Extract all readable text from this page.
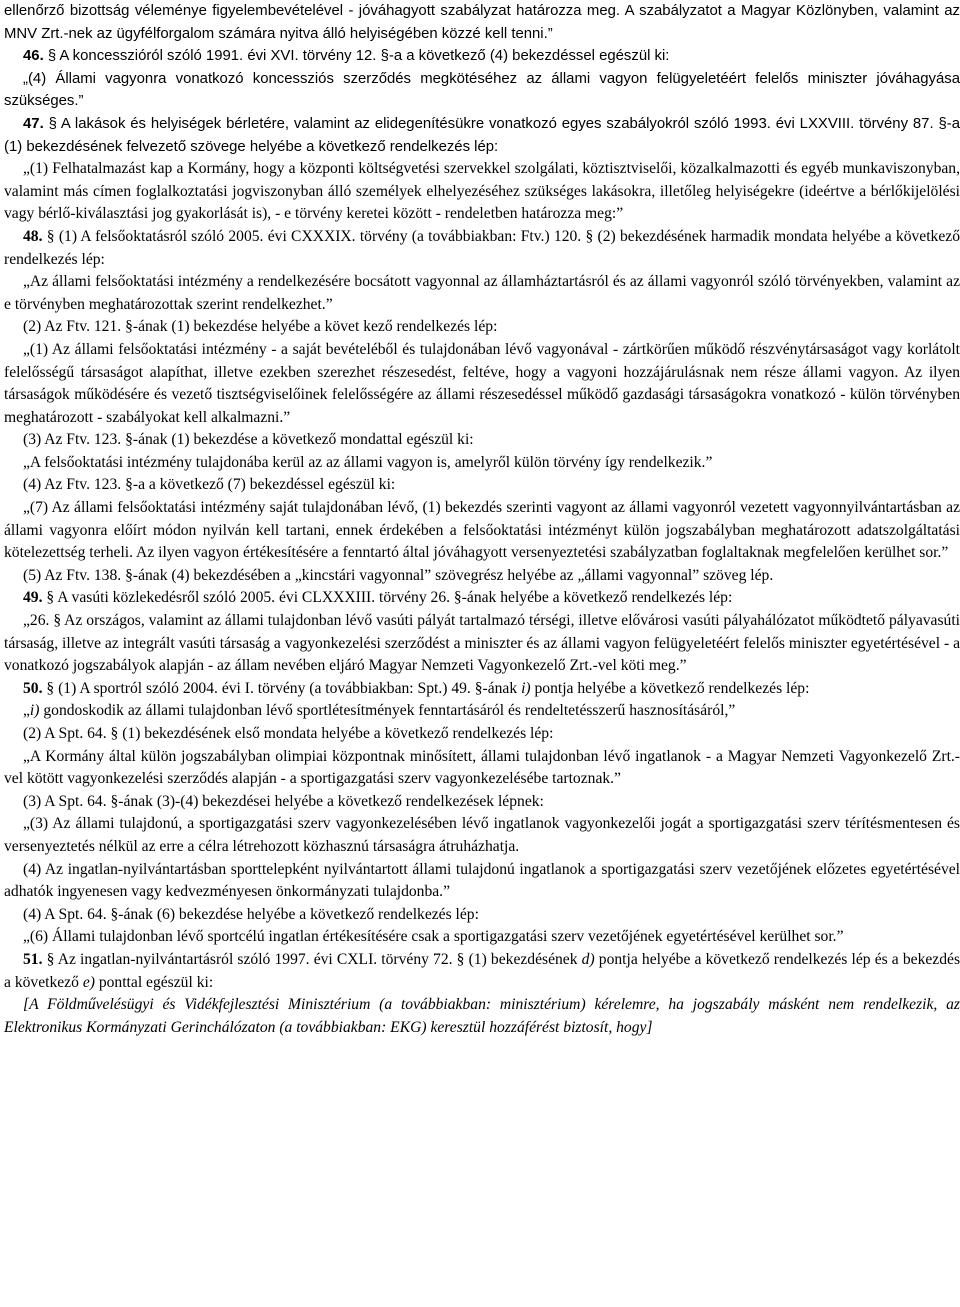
ellenőrző bizottság véleménye figyelembevételével - jóváhagyott szabályzat határozza meg. A szabályzatot a Magyar Közlönyben, valamint az MNV Zrt.-nek az ügyfélforgalom számára nyitva álló helyiségében közzé kell tenni.”

46. § A koncesszióról szóló 1991. évi XVI. törvény 12. §-a a következő (4) bekezdéssel egészül ki:

„(4) Állami vagyonra vonatkozó koncessziós szerződés megkötéséhez az állami vagyon felügyeletéért felelős miniszter jóváhagyása szükséges.”

47. § A lakások és helyiségek bérletére, valamint az elidegenítésükre vonatkozó egyes szabályokról szóló 1993. évi LXXVIII. törvény 87. §-a (1) bekezdésének felvezető szövege helyébe a következő rendelkezés lép:

„(1) Felhatalmazást kap a Kormány, hogy a központi költségvetési szervekkel szolgálati, köztisztviselői, közalkalmazotti és egyéb munkaviszonyban, valamint más címen foglalkoztatási jogviszonyban álló személyek elhelyezéséhez szükséges lakásokra, illetőleg helyiségekre (ideértve a bérlőkijelölési vagy bérlő-kiválasztási jog gyakorlását is), - e törvény keretei között - rendeletben határozza meg:”

48. § (1) A felsőoktatásról szóló 2005. évi CXXXIX. törvény (a továbbiakban: Ftv.) 120. § (2) bekezdésének harmadik mondata helyébe a következő rendelkezés lép:

„Az állami felsőoktatási intézmény a rendelkezésére bocsátott vagyonnal az államháztartásról és az állami vagyonról szóló törvényekben, valamint az e törvényben meghatározottak szerint rendelkezhet.”

(2) Az Ftv. 121. §-ának (1) bekezdése helyébe a követ kező rendelkezés lép:

„(1) Az állami felsőoktatási intézmény - a saját bevételéből és tulajdonában lévő vagyonával - zártkörűen működő részvénytársaságot vagy korlátolt felelősségű társaságot alapíthat, illetve ezekben szerezhet részesedést, feltéve, hogy a vagyoni hozzájárulásnak nem része állami vagyon. Az ilyen társaságok működésére és vezető tisztségviselőinek felelősségére az állami részesedéssel működő gazdasági társaságokra vonatkozó - külön törvényben meghatározott - szabályokat kell alkalmazni.”

(3) Az Ftv. 123. §-ának (1) bekezdése a következő mondattal egészül ki:

„A felsőoktatási intézmény tulajdonába kerül az az állami vagyon is, amelyről külön törvény így rendelkezik.”

(4) Az Ftv. 123. §-a a következő (7) bekezdéssel egészül ki:

„(7) Az állami felsőoktatási intézmény saját tulajdonában lévő, (1) bekezdés szerinti vagyont az állami vagyonról vezetett vagyonnyilvántartásban az állami vagyonra előírt módon nyilván kell tartani, ennek érdekében a felsőoktatási intézményt külön jogszabályban meghatározott adatszolgáltatási kötelezettség terheli. Az ilyen vagyon értékesítésére a fenntartó által jóváhagyott versenyeztetési szabályzatban foglaltaknak megfelelően kerülhet sor.”

(5) Az Ftv. 138. §-ának (4) bekezdésében a „kincstári vagyonnal” szövegrész helyébe az „állami vagyonnal” szöveg lép.

49. § A vasúti közlekedésről szóló 2005. évi CLXXXIII. törvény 26. §-ának helyébe a következő rendelkezés lép:

„26. § Az országos, valamint az állami tulajdonban lévő vasúti pályát tartalmazó térségi, illetve elővárosi vasúti pályahálózatot működtető pályavasúti társaság, illetve az integrált vasúti társaság a vagyonkezelési szerződést a miniszter és az állami vagyon felügyeletéért felelős miniszter egyetértésével - a vonatkozó jogszabályok alapján - az állam nevében eljáró Magyar Nemzeti Vagyonkezelő Zrt.-vel köti meg.”

50. § (1) A sportról szóló 2004. évi I. törvény (a továbbiakban: Spt.) 49. §-ának i) pontja helyébe a következő rendelkezés lép:

„i) gondoskodik az állami tulajdonban lévő sportlétesítmények fenntartásáról és rendeltetésszerű hasznosításáról,”

(2) A Spt. 64. § (1) bekezdésének első mondata helyébe a következő rendelkezés lép:

„A Kormány által külön jogszabályban olimpiai központnak minősített, állami tulajdonban lévő ingatlanok - a Magyar Nemzeti Vagyonkezelő Zrt.-vel kötött vagyonkezelési szerződés alapján - a sportigazgatási szerv vagyonkezelésébe tartoznak.”

(3) A Spt. 64. §-ának (3)-(4) bekezdései helyébe a következő rendelkezések lépnek:

„(3) Az állami tulajdonú, a sportigazgatási szerv vagyonkezelésében lévő ingatlanok vagyonkezelői jogát a sportigazgatási szerv térítésmentesen és versenyeztetés nélkül az erre a célra létrehozott közhasznú társaságra átruházhatja.

(4) Az ingatlan-nyilvántartásban sporttelepként nyilvántartott állami tulajdonú ingatlanok a sportigazgatási szerv vezetőjének előzetes egyetértésével adhatók ingyenesen vagy kedvezményesen önkormányzati tulajdonba.”

(4) A Spt. 64. §-ának (6) bekezdése helyébe a következő rendelkezés lép:

„(6) Állami tulajdonban lévő sportcélú ingatlan értékesítésére csak a sportigazgatási szerv vezetőjének egyetértésével kerülhet sor.”

51. § Az ingatlan-nyilvántartásról szóló 1997. évi CXLI. törvény 72. § (1) bekezdésének d) pontja helyébe a következő rendelkezés lép és a bekezdés a következő e) ponttal egészül ki:

[A Földművelésügyi és Vidékfejlesztési Minisztérium (a továbbiakban: minisztérium) kérelemre, ha jogszabály másként nem rendelkezik, az Elektronikus Kormányzati Gerinchálózaton (a továbbiakban: EKG) keresztül hozzáférést biztosít, hogy]
